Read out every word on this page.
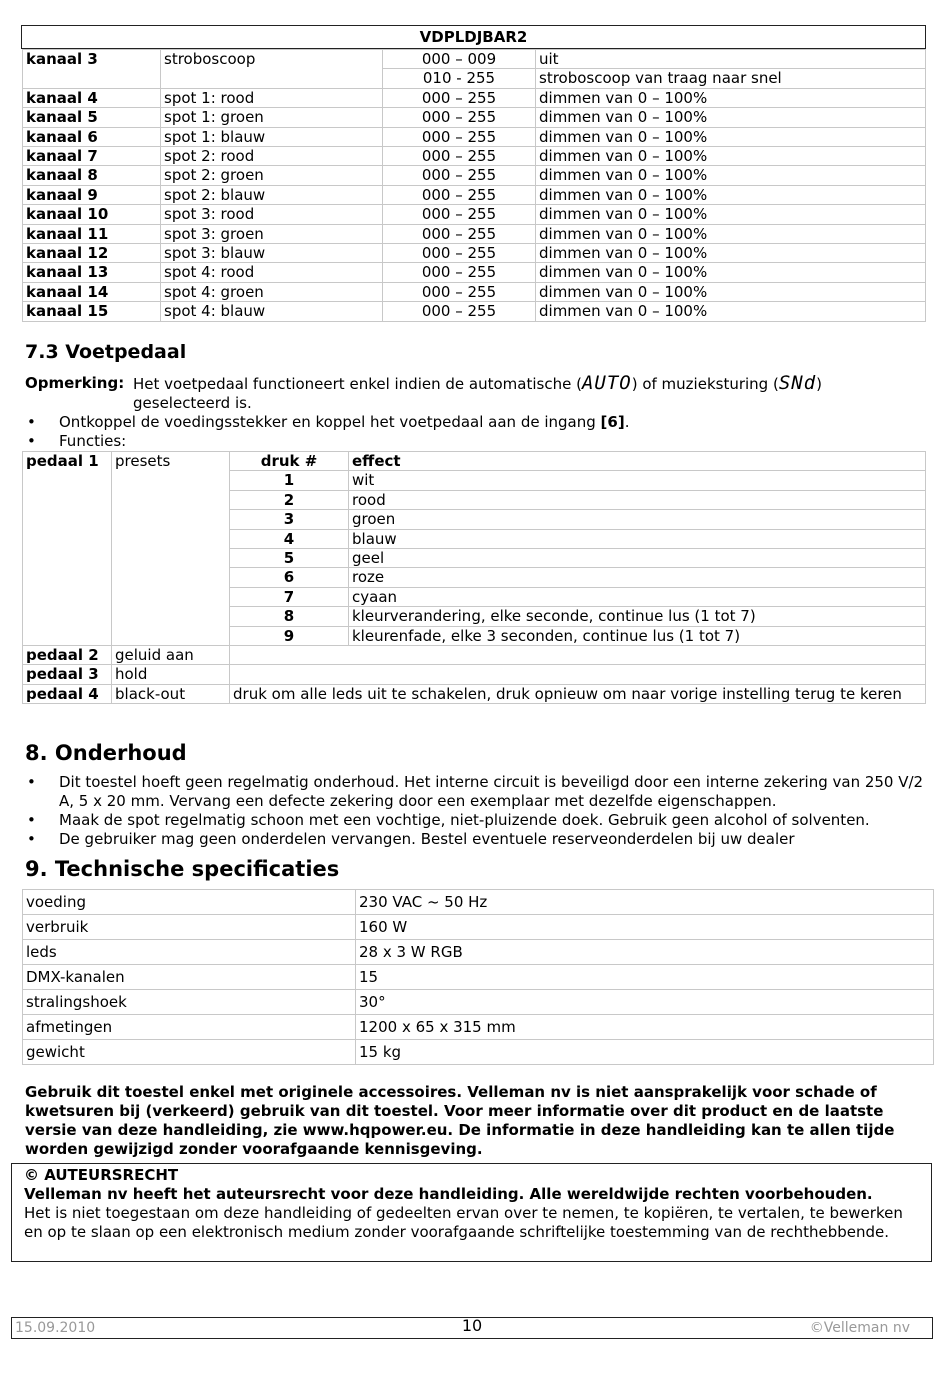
VDPLDJBAR2
kanaal 3	stroboscoop	000 – 009	uit
		010 - 255	stroboscoop van traag naar snel
kanaal 4	spot 1: rood	000 – 255	dimmen van 0 – 100%
kanaal 5	spot 1: groen	000 – 255	dimmen van 0 – 100%
kanaal 6	spot 1: blauw	000 – 255	dimmen van 0 – 100%
kanaal 7	spot 2: rood	000 – 255	dimmen van 0 – 100%
kanaal 8	spot 2: groen	000 – 255	dimmen van 0 – 100%
kanaal 9	spot 2: blauw	000 – 255	dimmen van 0 – 100%
kanaal 10	spot 3: rood	000 – 255	dimmen van 0 – 100%
kanaal 11	spot 3: groen	000 – 255	dimmen van 0 – 100%
kanaal 12	spot 3: blauw	000 – 255	dimmen van 0 – 100%
kanaal 13	spot 4: rood	000 – 255	dimmen van 0 – 100%
kanaal 14	spot 4: groen	000 – 255	dimmen van 0 – 100%
kanaal 15	spot 4: blauw	000 – 255	dimmen van 0 – 100%
7.3 Voetpedaal
Opmerking: Het voetpedaal functioneert enkel indien de automatische (AUTO) of muzieksturing (SNd)
geselecteerd is.
• Ontkoppel de voedingsstekker en koppel het voetpedaal aan de ingang [6].
• Functies:
pedaal 1	presets	druk #	effect
		1	wit
		2	rood
		3	groen
		4	blauw
		5	geel
		6	roze
		7	cyaan
		8	kleurverandering, elke seconde, continue lus (1 tot 7)
		9	kleurenfade, elke 3 seconden, continue lus (1 tot 7)
pedaal 2	geluid aan		
pedaal 3	hold		
pedaal 4	black-out	druk om alle leds uit te schakelen, druk opnieuw om naar vorige instelling terug te keren	
8. Onderhoud
• Dit toestel hoeft geen regelmatig onderhoud. Het interne circuit is beveiligd door een interne zekering van 250 V/2 A, 5 x 20 mm. Vervang een defecte zekering door een exemplaar met dezelfde eigenschappen.
• Maak de spot regelmatig schoon met een vochtige, niet-pluizende doek. Gebruik geen alcohol of solventen.
• De gebruiker mag geen onderdelen vervangen. Bestel eventuele reserveonderdelen bij uw dealer
9. Technische specificaties
voeding	230 VAC ~ 50 Hz
verbruik	160 W
leds	28 x 3 W RGB
DMX-kanalen	15
stralingshoek	30°
afmetingen	1200 x 65 x 315 mm
gewicht	15 kg
Gebruik dit toestel enkel met originele accessoires. Velleman nv is niet aansprakelijk voor schade of kwetsuren bij (verkeerd) gebruik van dit toestel. Voor meer informatie over dit product en de laatste versie van deze handleiding, zie www.hqpower.eu. De informatie in deze handleiding kan te allen tijde worden gewijzigd zonder voorafgaande kennisgeving.
© AUTEURSRECHT
Velleman nv heeft het auteursrecht voor deze handleiding. Alle wereldwijde rechten voorbehouden.
Het is niet toegestaan om deze handleiding of gedeelten ervan over te nemen, te kopiëren, te vertalen, te bewerken en op te slaan op een elektronisch medium zonder voorafgaande schriftelijke toestemming van de rechthebbende.
15.09.2010	10	©Velleman nv
